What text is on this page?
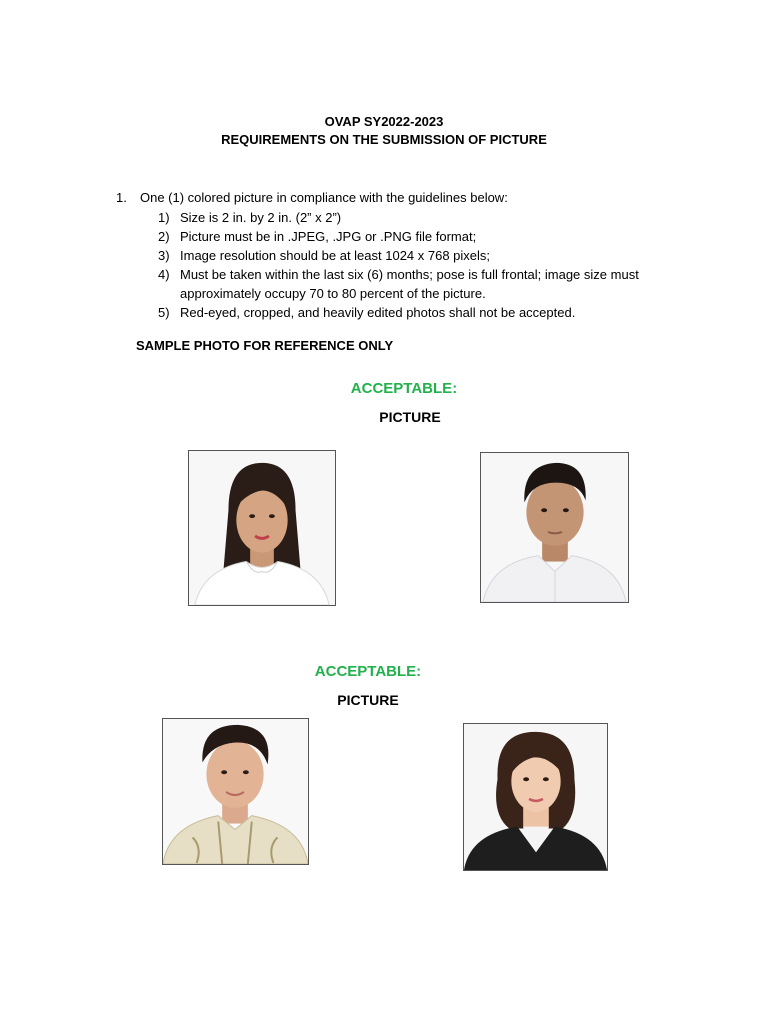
OVAP SY2022-2023
REQUIREMENTS ON THE SUBMISSION OF PICTURE
1. One (1) colored picture in compliance with the guidelines below:
1) Size is 2 in. by 2 in. (2” x 2”)
2) Picture must be in .JPEG, .JPG or .PNG file format;
3) Image resolution should be at least 1024 x 768 pixels;
4) Must be taken within the last six (6) months; pose is full frontal; image size must approximately occupy 70 to 80 percent of the picture.
5) Red-eyed, cropped, and heavily edited photos shall not be accepted.
SAMPLE PHOTO FOR REFERENCE ONLY
ACCEPTABLE:
PICTURE
ACCEPTABLE:
PICTURE
